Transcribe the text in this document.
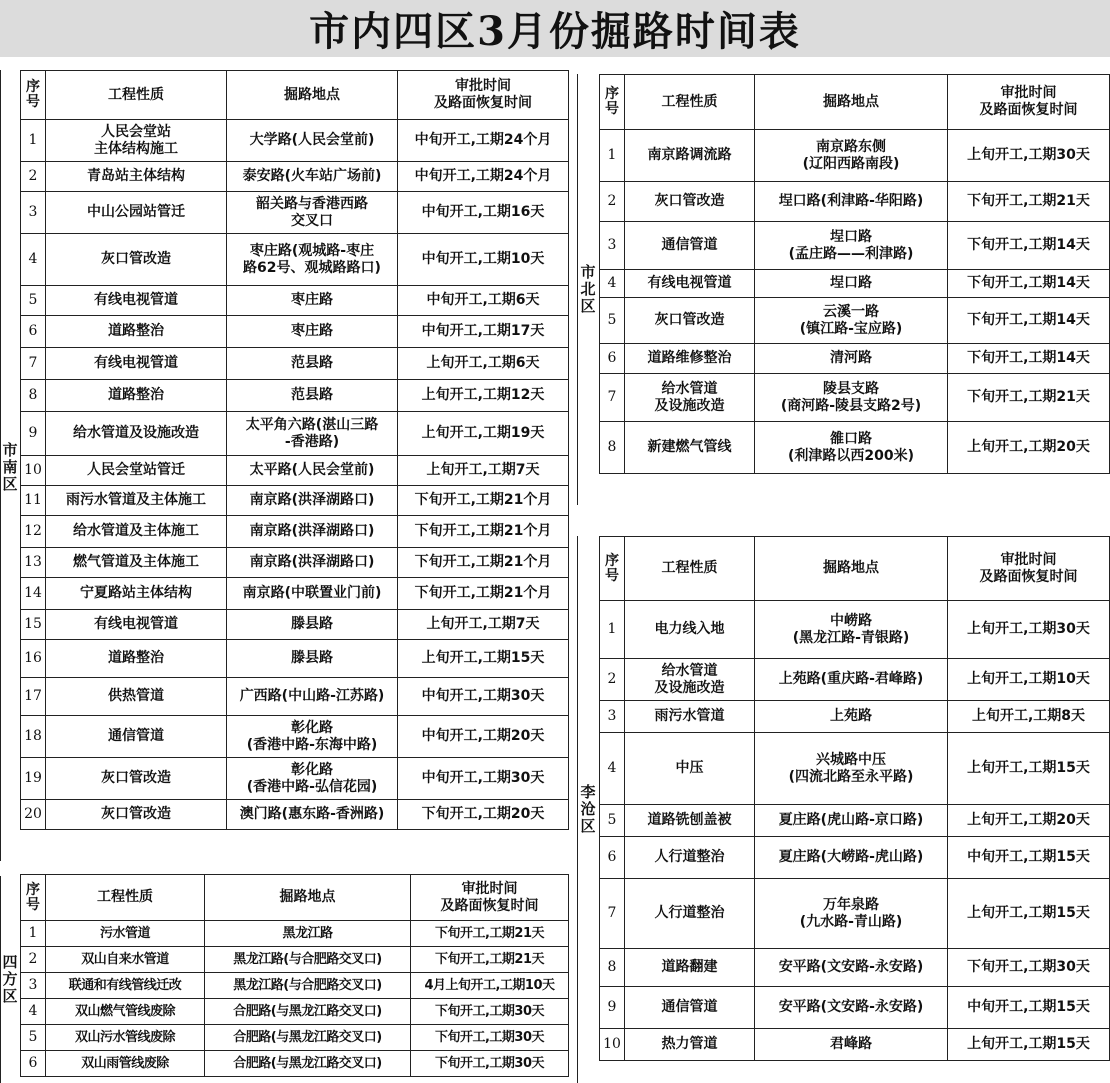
市内四区3月份掘路时间表
市南区
序号	工程性质	掘路地点	审批时间
及路面恢复时间
1	人民会堂站
主体结构施工	大学路(人民会堂前)	中旬开工,工期24个月
2	青岛站主体结构	泰安路(火车站广场前)	中旬开工,工期24个月
3	中山公园站管迁	韶关路与香港西路
交叉口	中旬开工,工期16天
4	灰口管改造	枣庄路(观城路-枣庄
路62号、观城路路口)	中旬开工,工期10天
5	有线电视管道	枣庄路	中旬开工,工期6天
6	道路整治	枣庄路	中旬开工,工期17天
7	有线电视管道	范县路	上旬开工,工期6天
8	道路整治	范县路	上旬开工,工期12天
9	给水管道及设施改造	太平角六路(湛山三路
-香港路)	上旬开工,工期19天
10	人民会堂站管迁	太平路(人民会堂前)	上旬开工,工期7天
11	雨污水管道及主体施工	南京路(洪泽湖路口)	下旬开工,工期21个月
12	给水管道及主体施工	南京路(洪泽湖路口)	下旬开工,工期21个月
13	燃气管道及主体施工	南京路(洪泽湖路口)	下旬开工,工期21个月
14	宁夏路站主体结构	南京路(中联置业门前)	下旬开工,工期21个月
15	有线电视管道	滕县路	上旬开工,工期7天
16	道路整治	滕县路	上旬开工,工期15天
17	供热管道	广西路(中山路-江苏路)	中旬开工,工期30天
18	通信管道	彰化路
(香港中路-东海中路)	中旬开工,工期20天
19	灰口管改造	彰化路
(香港中路-弘信花园)	中旬开工,工期30天
20	灰口管改造	澳门路(惠东路-香洲路)	下旬开工,工期20天
四方区
序号	工程性质	掘路地点	审批时间
及路面恢复时间
1	污水管道	黑龙江路	下旬开工,工期21天
2	双山自来水管道	黑龙江路(与合肥路交叉口)	下旬开工,工期21天
3	联通和有线管线迁改	黑龙江路(与合肥路交叉口)	4月上旬开工,工期10天
4	双山燃气管线废除	合肥路(与黑龙江路交叉口)	下旬开工,工期30天
5	双山污水管线废除	合肥路(与黑龙江路交叉口)	下旬开工,工期30天
6	双山雨管线废除	合肥路(与黑龙江路交叉口)	下旬开工,工期30天
市北区
序号	工程性质	掘路地点	审批时间
及路面恢复时间
1	南京路调流路	南京路东侧
(辽阳西路南段)	上旬开工,工期30天
2	灰口管改造	埕口路(利津路-华阳路)	下旬开工,工期21天
3	通信管道	埕口路
(孟庄路——利津路)	下旬开工,工期14天
4	有线电视管道	埕口路	下旬开工,工期14天
5	灰口管改造	云溪一路
(镇江路-宝应路)	下旬开工,工期14天
6	道路维修整治	清河路	下旬开工,工期14天
7	给水管道
及设施改造	陵县支路
(商河路-陵县支路2号)	下旬开工,工期21天
8	新建燃气管线	雒口路
(利津路以西200米)	上旬开工,工期20天
李沧区
序号	工程性质	掘路地点	审批时间
及路面恢复时间
1	电力线入地	中崂路
(黑龙江路-青银路)	上旬开工,工期30天
2	给水管道
及设施改造	上苑路(重庆路-君峰路)	上旬开工,工期10天
3	雨污水管道	上苑路	上旬开工,工期8天
4	中压	兴城路中压
(四流北路至永平路)	上旬开工,工期15天
5	道路铣刨盖被	夏庄路(虎山路-京口路)	上旬开工,工期20天
6	人行道整治	夏庄路(大崂路-虎山路)	中旬开工,工期15天
7	人行道整治	万年泉路
(九水路-青山路)	上旬开工,工期15天
8	道路翻建	安平路(文安路-永安路)	下旬开工,工期30天
9	通信管道	安平路(文安路-永安路)	中旬开工,工期15天
10	热力管道	君峰路	上旬开工,工期15天
